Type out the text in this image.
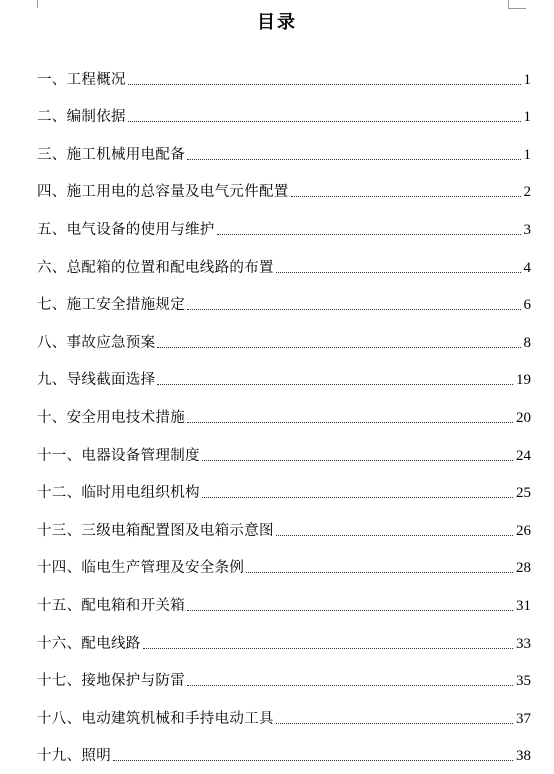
目录
一、工程概况	1
二、编制依据	1
三、施工机械用电配备	1
四、施工用电的总容量及电气元件配置	2
五、电气设备的使用与维护	3
六、总配箱的位置和配电线路的布置	4
七、施工安全措施规定	6
八、事故应急预案	8
九、导线截面选择	19
十、安全用电技术措施	20
十一、电器设备管理制度	24
十二、临时用电组织机构	25
十三、三级电箱配置图及电箱示意图	26
十四、临电生产管理及安全条例	28
十五、配电箱和开关箱	31
十六、配电线路	33
十七、接地保护与防雷	35
十八、电动建筑机械和手持电动工具	37
十九、照明	38
